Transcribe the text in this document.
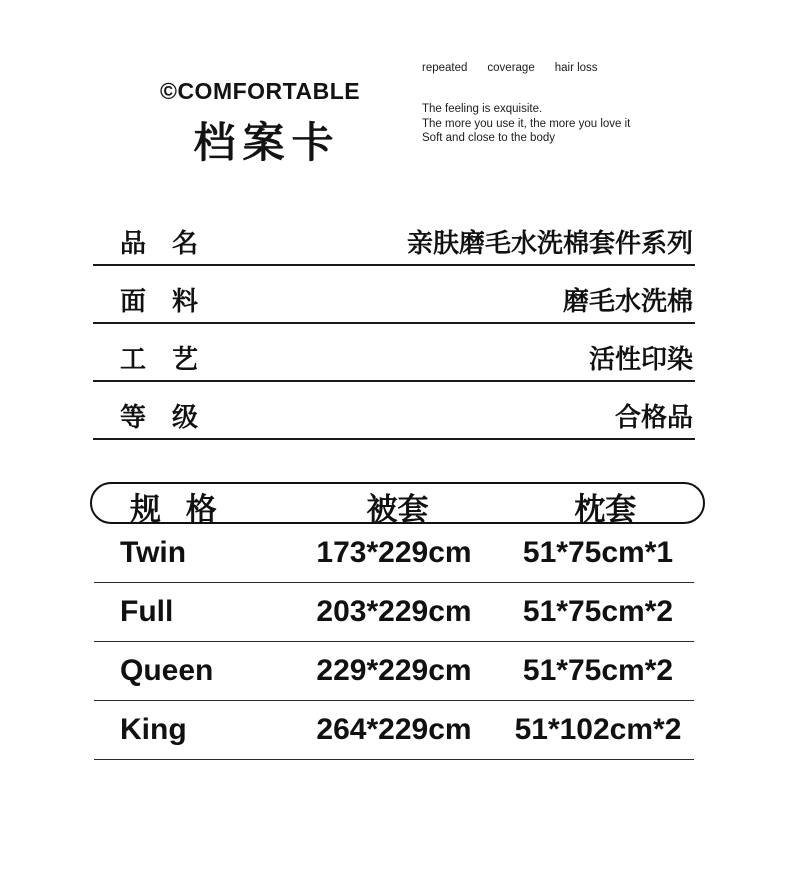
©COMFORTABLE
档案卡
repeated coverage hair loss
The feeling is exquisite.
The more you use it, the more you love it
Soft and close to the body
品名	亲肤磨毛水洗棉套件系列
面料	磨毛水洗棉
工艺	活性印染
等级	合格品
规格	被套	枕套
Twin	173*229cm	51*75cm*1
Full	203*229cm	51*75cm*2
Queen	229*229cm	51*75cm*2
King	264*229cm	51*102cm*2
